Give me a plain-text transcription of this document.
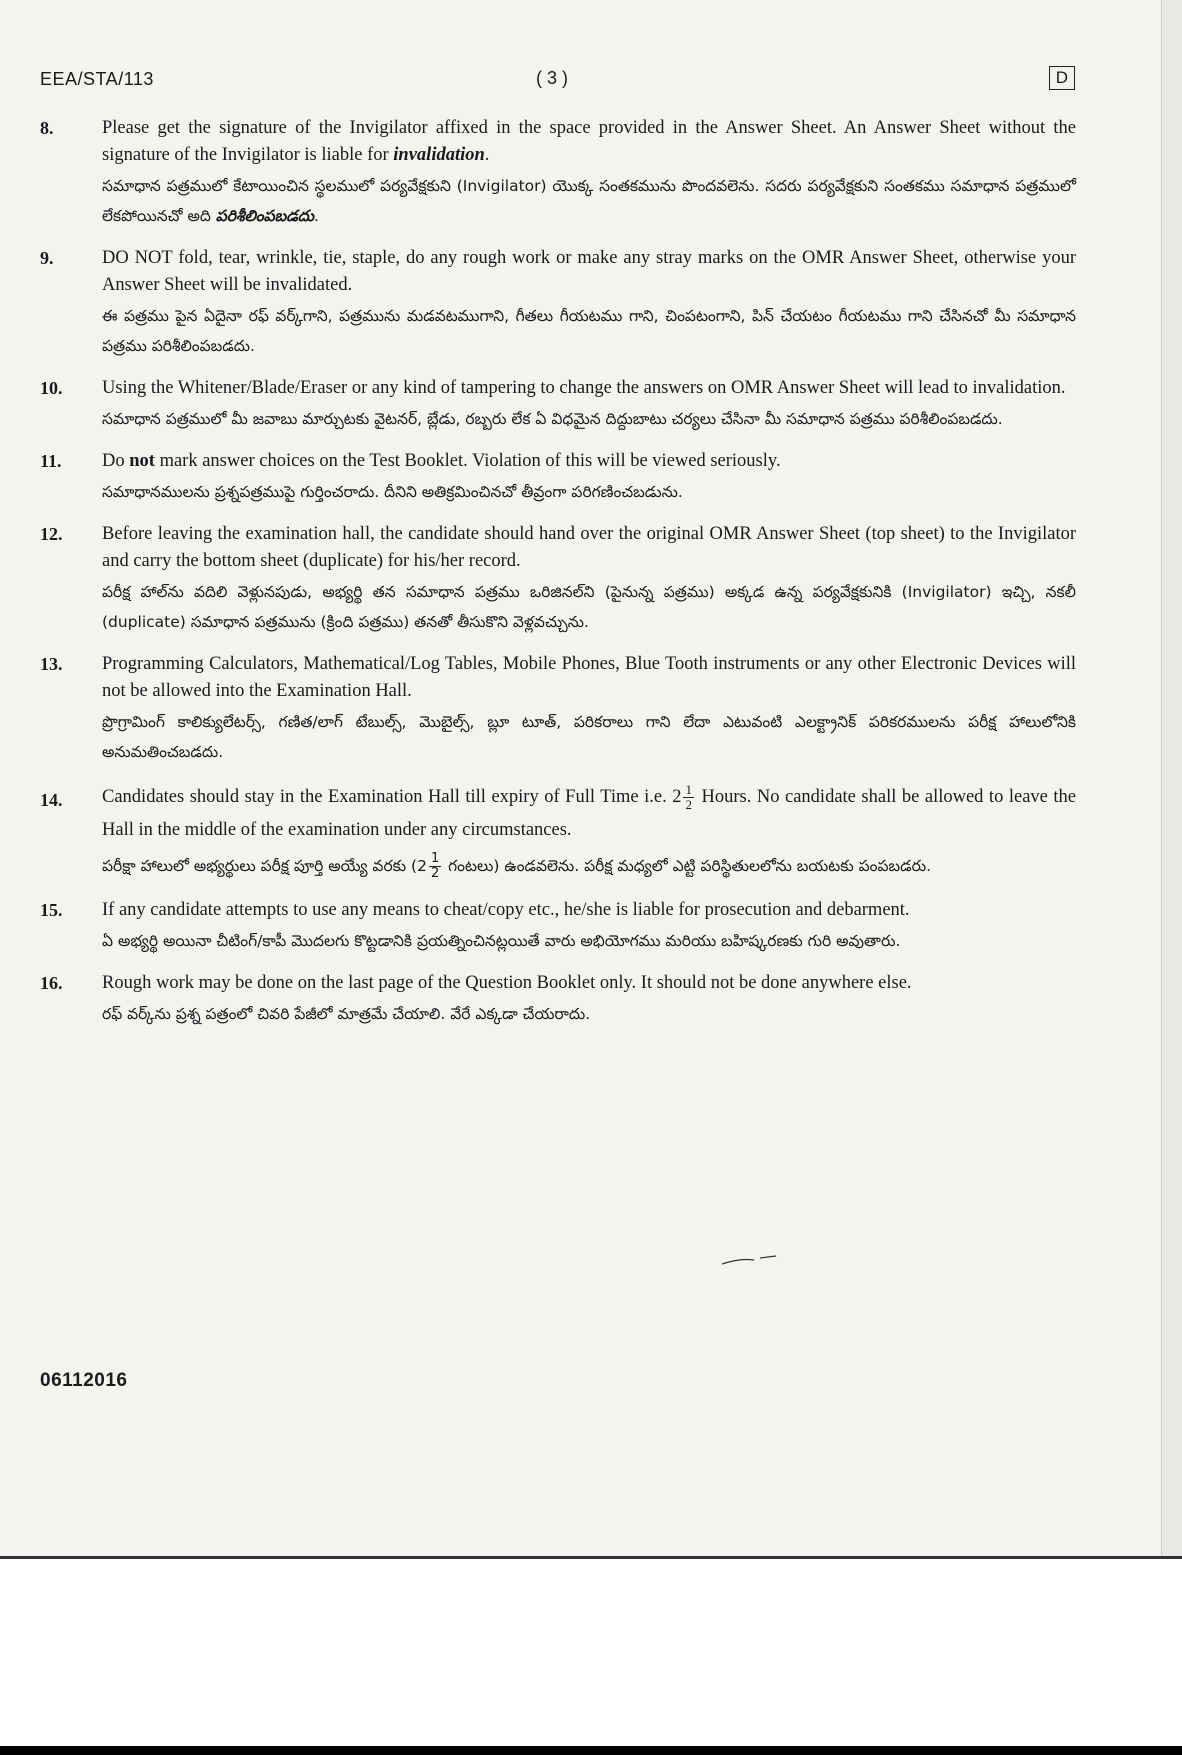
EEA/STA/113	( 3 )	D
8.	Please get the signature of the Invigilator affixed in the space provided in the Answer Sheet. An Answer Sheet without the signature of the Invigilator is liable for invalidation.
సమాధాన పత్రములో కేటాయించిన స్థలములో పర్యవేక్షకుని (Invigilator) యొక్క సంతకమును పొందవలెను. సదరు పర్యవేక్షకుని సంతకము సమాధాన పత్రములో లేకపోయినచో అది పరిశీలింపబడదు.
9.	DO NOT fold, tear, wrinkle, tie, staple, do any rough work or make any stray marks on the OMR Answer Sheet, otherwise your Answer Sheet will be invalidated.
ఈ పత్రము పైన ఏదైనా రఫ్ వర్క్‌గాని, పత్రమును మడవటముగాని, గీతలు గీయటము గాని, చింపటంగాని, పిన్ చేయటం గీయటము గాని చేసినచో మీ సమాధాన పత్రము పరిశీలింపబడదు.
10. Using the Whitener/Blade/Eraser or any kind of tampering to change the answers on OMR Answer Sheet will lead to invalidation.
సమాధాన పత్రములో మీ జవాబు మార్చుటకు వైటనర్, బ్లేడు, రబ్బరు లేక ఏ విధమైన దిద్దుబాటు చర్యలు చేసినా మీ సమాధాన పత్రము పరిశీలింపబడదు.
11. Do not mark answer choices on the Test Booklet. Violation of this will be viewed seriously.
సమాధానములను ప్రశ్నపత్రముపై గుర్తించరాదు. దీనిని అతిక్రమించినచో తీవ్రంగా పరిగణించబడును.
12. Before leaving the examination hall, the candidate should hand over the original OMR Answer Sheet (top sheet) to the Invigilator and carry the bottom sheet (duplicate) for his/her record.
పరీక్ష హాల్‌ను వదిలి వెళ్లునపుడు, అభ్యర్థి తన సమాధాన పత్రము ఒరిజినల్‌ని (పైనున్న పత్రము) అక్కడ ఉన్న పర్యవేక్షకునికి (Invigilator) ఇచ్చి, నకలీ (duplicate) సమాధాన పత్రమును (క్రింది పత్రము) తనతో తీసుకొని వెళ్లవచ్చును.
13. Programming Calculators, Mathematical/Log Tables, Mobile Phones, Blue Tooth instruments or any other Electronic Devices will not be allowed into the Examination Hall.
ప్రొగ్రామింగ్ కాలిక్యులేటర్స్, గణిత/లాగ్ టేబుల్స్, మొబైల్స్, బ్లూ టూత్, పరికరాలు గాని లేదా ఎటువంటి ఎలక్ట్రానిక్ పరికరములను పరీక్ష హాలులోనికి అనుమతించబడదు.
14. Candidates should stay in the Examination Hall till expiry of Full Time i.e. $2 \frac{1}{2}$ Hours. No candidate shall be allowed to leave the Hall in the middle of the examination under any circumstances.
పరీక్షా హాలులో అభ్యర్థులు పరీక్ష పూర్తి అయ్యే వరకు ($2 \frac{1}{2}$ గంటలు) ఉండవలెను. పరీక్ష మధ్యలో ఎట్టి పరిస్థితులలోను బయటకు పంపబడరు.
15. If any candidate attempts to use any means to cheat/copy etc., he/she is liable for prosecution and debarment.
ఏ అభ్యర్థి అయినా చీటింగ్/కాపీ మొదలగు కొట్టడానికి ప్రయత్నించినట్లయితే వారు అభియోగము మరియు బహిష్కరణకు గురి అవుతారు.
16. Rough work may be done on the last page of the Question Booklet only. It should not be done anywhere else.
రఫ్ వర్క్‌ను ప్రశ్న పత్రంలో చివరి పేజీలో మాత్రమే చేయాలి. వేరే ఎక్కడా చేయరాదు.
06112016
